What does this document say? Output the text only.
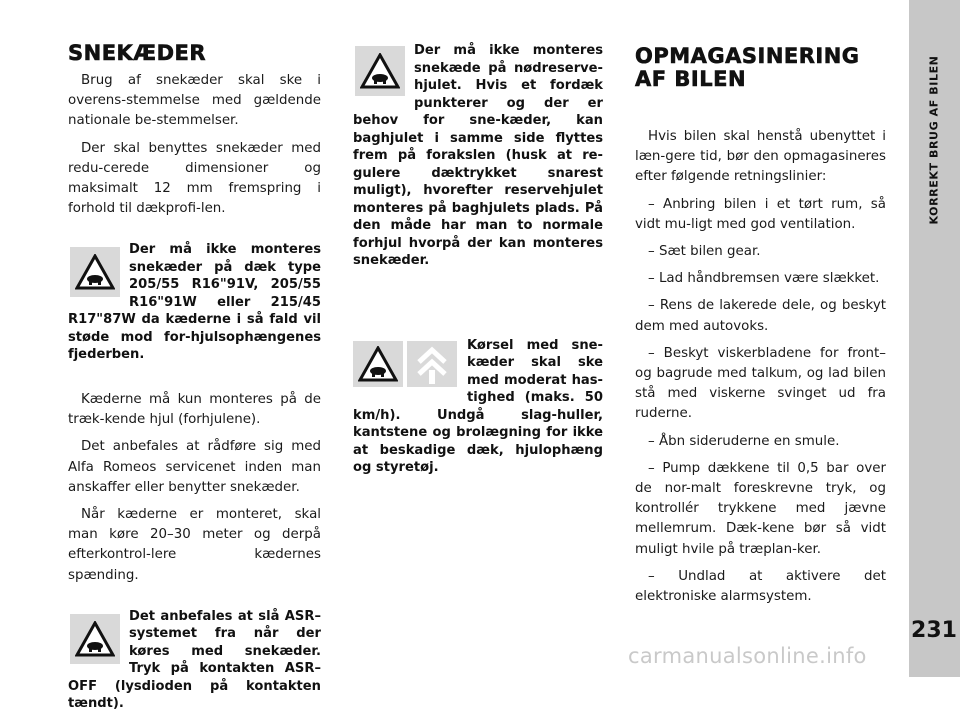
SNEKÆDER

Brug af snekæder skal ske i overens-stemmelse med gældende nationale be-stemmelser.

Der skal benyttes snekæder med redu-cerede dimensioner og maksimalt 12 mm fremspring i forhold til dækprofi-len.

Der må ikke monteres snekæder på dæk type 205/55 R16"91V, 205/55 R16"91W eller 215/45 R17"87W da kæderne i så fald vil støde mod for-hjulsophængenes fjederben.

Kæderne må kun monteres på de træk-kende hjul (forhjulene).

Det anbefales at rådføre sig med Alfa Romeos servicenet inden man anskaffer eller benytter snekæder.

Når kæderne er monteret, skal man køre 20–30 meter og derpå efterkontrol-lere kædernes spænding.

Det anbefales at slå ASR–systemet fra når der køres med snekæder. Tryk på kontakten ASR–OFF (lysdioden på kontakten tændt).
Der må ikke monteres snekæde på nødreserve-hjulet. Hvis et fordæk punkterer og der er behov for sne-kæder, kan baghjulet i samme side flyttes frem på forakslen (husk at re-gulere dæktrykket snarest muligt), hvorefter reservehjulet monteres på baghjulets plads. På den måde har man to normale forhjul hvorpå der kan monteres snekæder.
Kørsel med sne-kæder skal ske med moderat has-tighed (maks. 50 km/h). Undgå slag-huller, kantstene og brolægning for ikke at beskadige dæk, hjulophæng og styretøj.
OPMAGASINERING
AF BILEN

Hvis bilen skal henstå ubenyttet i læn-gere tid, bør den opmagasineres efter følgende retningslinier:

– Anbring bilen i et tørt rum, så vidt mu-ligt med god ventilation.

– Sæt bilen gear.

– Lad håndbremsen være slækket.

– Rens de lakerede dele, og beskyt dem med autovoks.

– Beskyt viskerbladene for front– og bagrude med talkum, og lad bilen stå med viskerne svinget ud fra ruderne.

– Åbn sideruderne en smule.

– Pump dækkene til 0,5 bar over de nor-malt foreskrevne tryk, og kontrollér trykkene med jævne mellemrum. Dæk-kene bør så vidt muligt hvile på træplan-ker.

– Undlad at aktivere det elektroniske alarmsystem.

KORREKT BRUG AF BILEN
231
carmanualsonline.info
